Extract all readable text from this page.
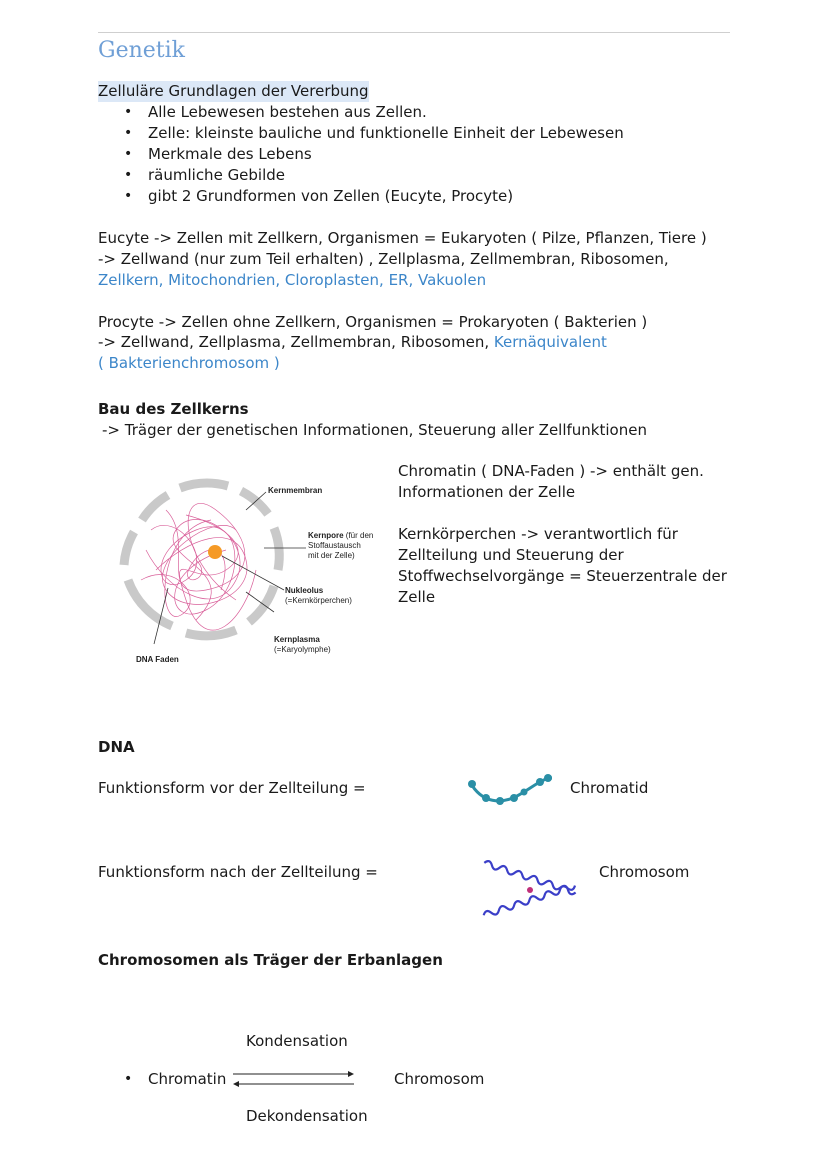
Genetik
Zelluläre Grundlagen der Vererbung
• Alle Lebewesen bestehen aus Zellen.
• Zelle: kleinste bauliche und funktionelle Einheit der Lebewesen
• Merkmale des Lebens
• räumliche Gebilde
• gibt 2 Grundformen von Zellen (Eucyte, Procyte)
Eucyte -> Zellen mit Zellkern, Organismen = Eukaryoten ( Pilze, Pflanzen, Tiere )
-> Zellwand (nur zum Teil erhalten) , Zellplasma, Zellmembran, Ribosomen,
Zellkern, Mitochondrien, Cloroplasten, ER, Vakuolen
Procyte -> Zellen ohne Zellkern, Organismen = Prokaryoten ( Bakterien )
-> Zellwand, Zellplasma, Zellmembran, Ribosomen, Kernäquivalent
( Bakterienchromosom )
Bau des Zellkerns
-> Träger der genetischen Informationen, Steuerung aller Zellfunktionen
Kernmembran
Kernpore (für den
Stoffaustausch
mit der Zelle)
Nukleolus
(=Kernkörperchen)
Kernplasma
(=Karyolymphe)
DNA Faden
Chromatin ( DNA-Faden ) -> enthält gen.
Informationen der Zelle
Kernkörperchen -> verantwortlich für
Zellteilung und Steuerung der
Stoffwechselvorgänge = Steuerzentrale der
Zelle
DNA
Funktionsform vor der Zellteilung =	Chromatid
Funktionsform nach der Zellteilung =	Chromosom
Chromosomen als Träger der Erbanlagen
Kondensation
• Chromatin	Chromosom
Dekondensation
